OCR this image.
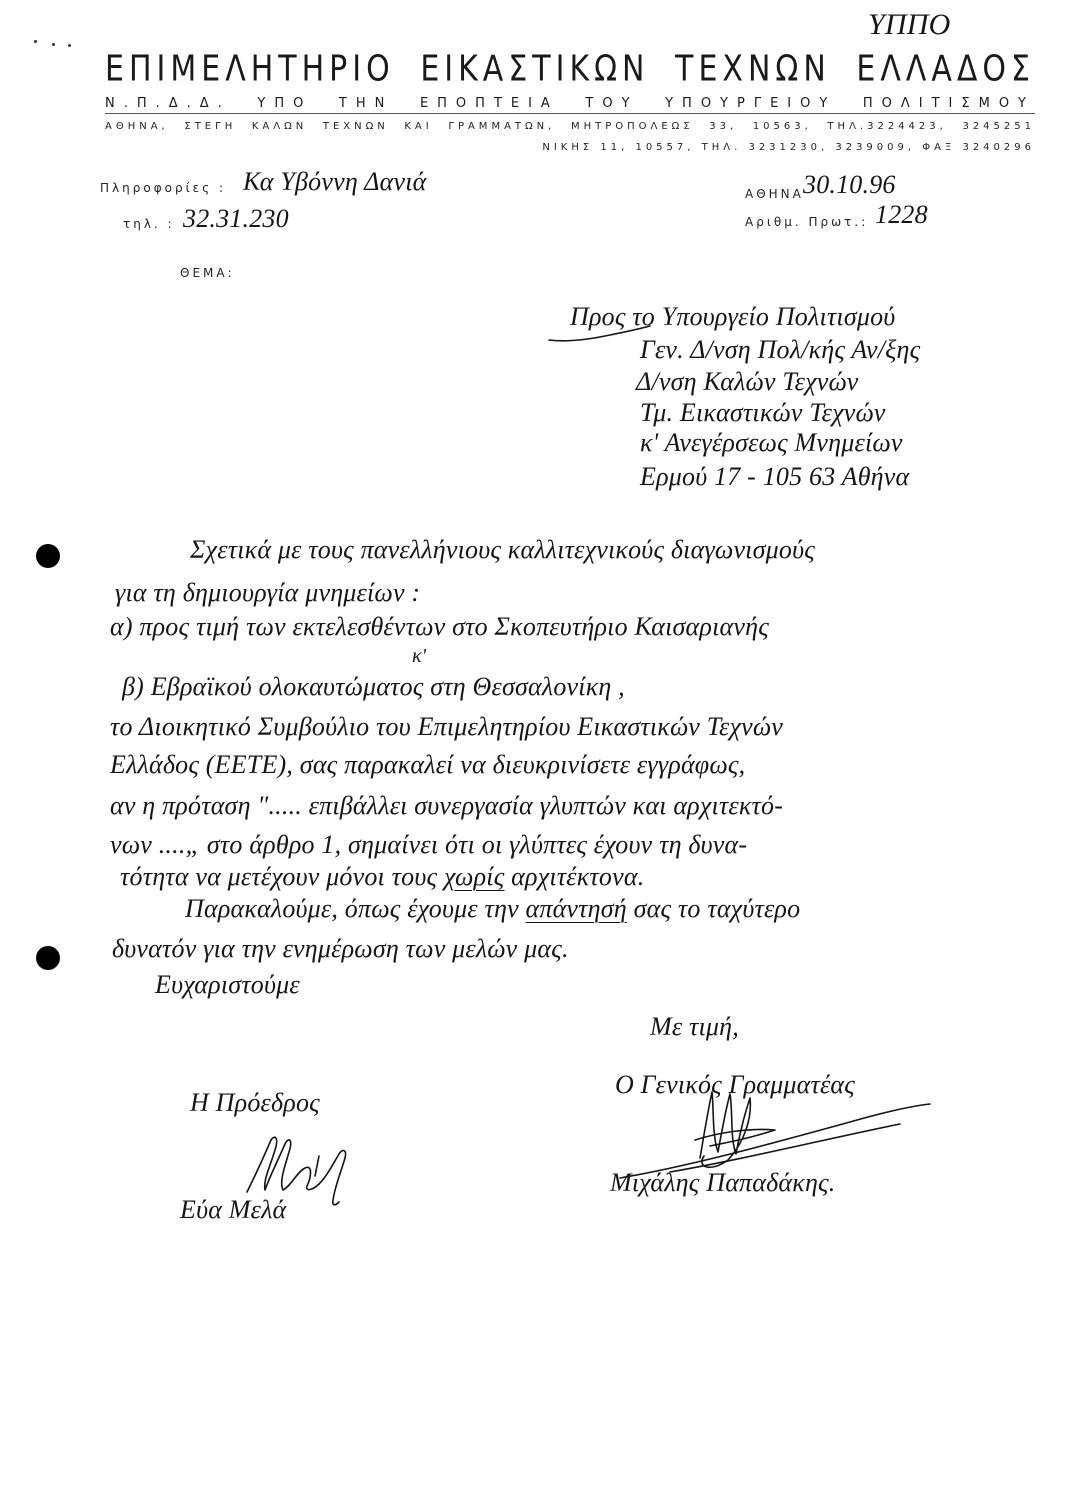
ΥΠΠΟ
ΕΠΙΜΕΛΗΤΗΡΙΟ ΕΙΚΑΣΤΙΚΩΝ ΤΕΧΝΩΝ ΕΛΛΑΔΟΣ
Ν.Π.Δ.Δ. ΥΠΟ ΤΗΝ ΕΠΟΠΤΕΙΑ ΤΟΥ ΥΠΟΥΡΓΕΙΟΥ ΠΟΛΙΤΙΣΜΟΥ
ΑΘΗΝΑ, ΣΤΕΓΗ ΚΑΛΩΝ ΤΕΧΝΩΝ ΚΑΙ ΓΡΑΜΜΑΤΩΝ, ΜΗΤΡΟΠΟΛΕΩΣ 33, 10563, ΤΗΛ.3224423, 3245251
ΝΙΚΗΣ 11, 10557, ΤΗΛ. 3231230, 3239009, ΦΑΞ 3240296
Πληροφορίες : Κα Υβόννη Δανιά
τηλ. : 32.31.230
ΑΘΗΝΑ 30.10.96
Αριθμ. Πρωτ.: 1228
ΘΕΜΑ:
Προς το Υπουργείο Πολιτισμού
Γεν. Δ/νση Πολ/κής Αν/ξης
Δ/νση Καλών Τεχνών
Τμ. Εικαστικών Τεχνών
κ' Ανεγέρσεως Μνημείων
Ερμού 17 - 105 63 Αθήνα
Σχετικά με τους πανελλήνιους καλλιτεχνικούς διαγωνισμούς
για τη δημιουργία μνημείων :
α) προς τιμή των εκτελεσθέντων στο Σκοπευτήριο Καισαριανής
κ'
β) Εβραϊκού ολοκαυτώματος στη Θεσσαλονίκη ,
το Διοικητικό Συμβούλιο του Επιμελητηρίου Εικαστικών Τεχνών
Ελλάδος (ΕΕΤΕ), σας παρακαλεί να διευκρινίσετε εγγράφως,
αν η πρόταση "..... επιβάλλει συνεργασία γλυπτών και αρχιτεκτό-
νων ....„ στο άρθρο 1, σημαίνει ότι οι γλύπτες έχουν τη δυνα-
τότητα να μετέχουν μόνοι τους χωρίς αρχιτέκτονα.
Παρακαλούμε, όπως έχουμε την απάντησή σας το ταχύτερο
δυνατόν για την ενημέρωση των μελών μας.
Ευχαριστούμε
Με τιμή,
Ο Γενικός Γραμματέας
Μιχάλης Παπαδάκης.
Η Πρόεδρος
Εύα Μελά
